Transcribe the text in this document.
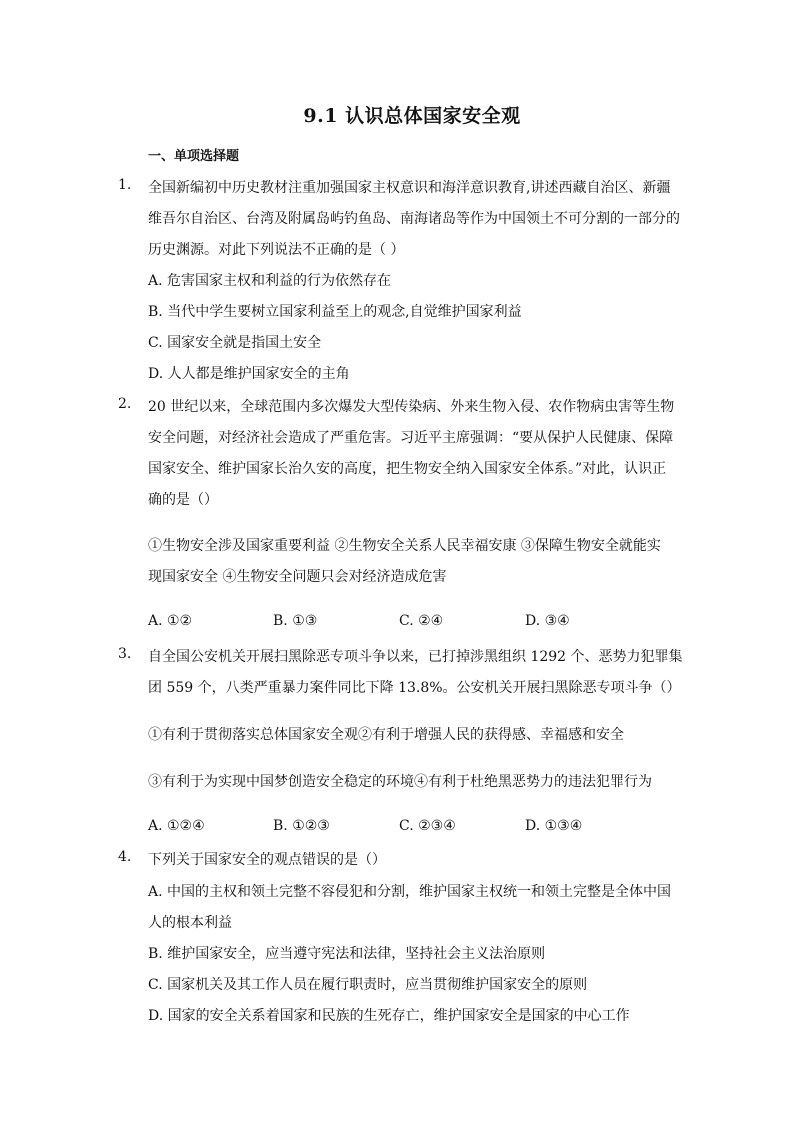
9.1 认识总体国家安全观
一、单项选择题
1. 全国新编初中历史教材注重加强国家主权意识和海洋意识教育,讲述西藏自治区、新疆
维吾尔自治区、台湾及附属岛屿钓鱼岛、南海诸岛等作为中国领土不可分割的一部分的
历史渊源。对此下列说法不正确的是（ ）
A. 危害国家主权和利益的行为依然存在
B. 当代中学生要树立国家利益至上的观念,自觉维护国家利益
C. 国家安全就是指国土安全
D. 人人都是维护国家安全的主角
2. 20 世纪以来，全球范围内多次爆发大型传染病、外来生物入侵、农作物病虫害等生物
安全问题，对经济社会造成了严重危害。习近平主席强调：“要从保护人民健康、保障
国家安全、维护国家长治久安的高度，把生物安全纳入国家安全体系。”对此，认识正
确的是（）
①生物安全涉及国家重要利益 ②生物安全关系人民幸福安康 ③保障生物安全就能实
现国家安全 ④生物安全问题只会对经济造成危害
A. ①②	B. ①③	C. ②④	D. ③④
3. 自全国公安机关开展扫黑除恶专项斗争以来，已打掉涉黑组织 1292 个、恶势力犯罪集
团 559 个，八类严重暴力案件同比下降 13.8%。公安机关开展扫黑除恶专项斗争（）
①有利于贯彻落实总体国家安全观②有利于增强人民的获得感、幸福感和安全
③有利于为实现中国梦创造安全稳定的环境④有利于杜绝黑恶势力的违法犯罪行为
A. ①②④	B. ①②③	C. ②③④	D. ①③④
4. 下列关于国家安全的观点错误的是（）
A. 中国的主权和领土完整不容侵犯和分割，维护国家主权统一和领土完整是全体中国
人的根本利益
B. 维护国家安全，应当遵守宪法和法律，坚持社会主义法治原则
C. 国家机关及其工作人员在履行职责时，应当贯彻维护国家安全的原则
D. 国家的安全关系着国家和民族的生死存亡，维护国家安全是国家的中心工作
